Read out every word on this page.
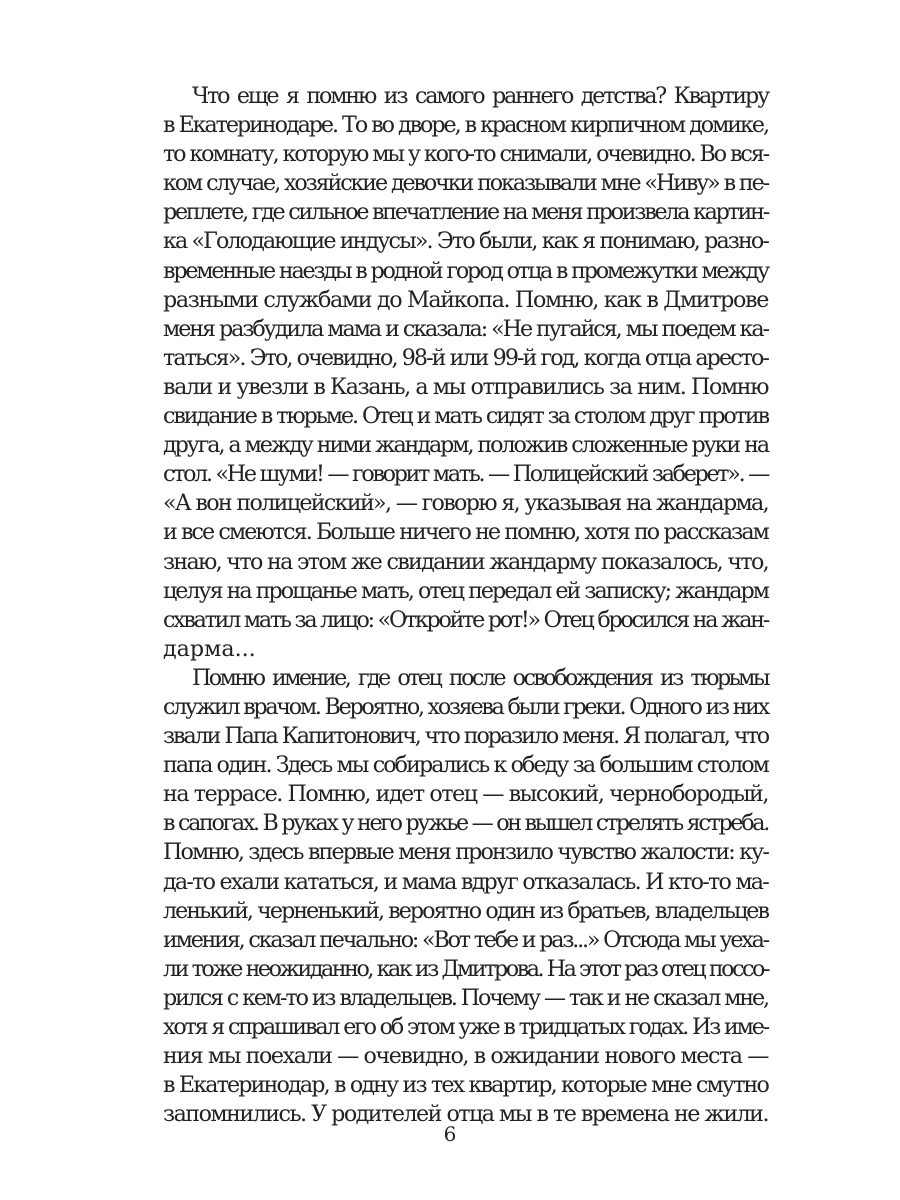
Что еще я помню из самого раннего детства? Квартиру
в Екатеринодаре. То во дворе, в красном кирпичном домике,
то комнату, которую мы у кого-то снимали, очевидно. Во вся-
ком случае, хозяйские девочки показывали мне «Ниву» в пе-
реплете, где сильное впечатление на меня произвела картин-
ка «Голодающие индусы». Это были, как я понимаю, разно-
временные наезды в родной город отца в промежутки между
разными службами до Майкопа. Помню, как в Дмитрове
меня разбудила мама и сказала: «Не пугайся, мы поедем ка-
таться». Это, очевидно, 98-й или 99-й год, когда отца аресто-
вали и увезли в Казань, а мы отправились за ним. Помню
свидание в тюрьме. Отец и мать сидят за столом друг против
друга, а между ними жандарм, положив сложенные руки на
стол. «Не шуми! — говорит мать. — Полицейский заберет». —
«А вон полицейский», — говорю я, указывая на жандарма,
и все смеются. Больше ничего не помню, хотя по рассказам
знаю, что на этом же свидании жандарму показалось, что,
целуя на прощанье мать, отец передал ей записку; жандарм
схватил мать за лицо: «Откройте рот!» Отец бросился на жан-
дарма...
Помню имение, где отец после освобождения из тюрьмы
служил врачом. Вероятно, хозяева были греки. Одного из них
звали Папа Капитонович, что поразило меня. Я полагал, что
папа один. Здесь мы собирались к обеду за большим столом
на террасе. Помню, идет отец — высокий, чернобородый,
в сапогах. В руках у него ружье — он вышел стрелять ястреба.
Помню, здесь впервые меня пронзило чувство жалости: ку-
да-то ехали кататься, и мама вдруг отказалась. И кто-то ма-
ленький, черненький, вероятно один из братьев, владельцев
имения, сказал печально: «Вот тебе и раз...» Отсюда мы уеха-
ли тоже неожиданно, как из Дмитрова. На этот раз отец поссо-
рился с кем-то из владельцев. Почему — так и не сказал мне,
хотя я спрашивал его об этом уже в тридцатых годах. Из име-
ния мы поехали — очевидно, в ожидании нового места —
в Екатеринодар, в одну из тех квартир, которые мне смутно
запомнились. У родителей отца мы в те времена не жили.
6
